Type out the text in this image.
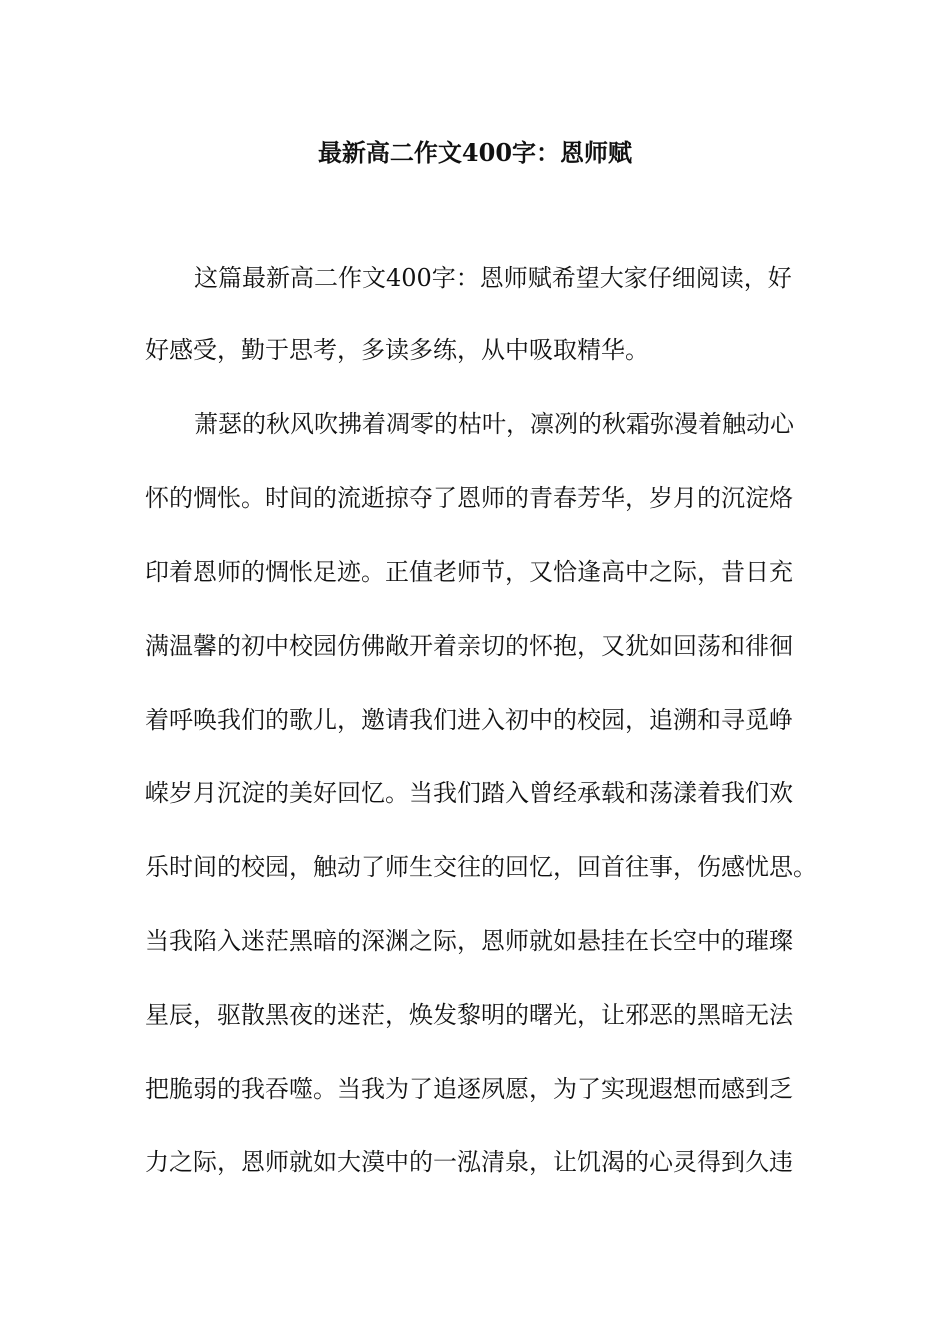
最新高二作文400字：恩师赋

这篇最新高二作文400字：恩师赋希望大家仔细阅读，好

好感受，勤于思考，多读多练，从中吸取精华。

萧瑟的秋风吹拂着凋零的枯叶，凛冽的秋霜弥漫着触动心

怀的惆怅。时间的流逝掠夺了恩师的青春芳华，岁月的沉淀烙

印着恩师的惆怅足迹。正值老师节，又恰逢高中之际，昔日充

满温馨的初中校园仿佛敞开着亲切的怀抱，又犹如回荡和徘徊

着呼唤我们的歌儿，邀请我们进入初中的校园，追溯和寻觅峥

嵘岁月沉淀的美好回忆。当我们踏入曾经承载和荡漾着我们欢

乐时间的校园，触动了师生交往的回忆，回首往事，伤感忧思。

当我陷入迷茫黑暗的深渊之际，恩师就如悬挂在长空中的璀璨

星辰，驱散黑夜的迷茫，焕发黎明的曙光，让邪恶的黑暗无法

把脆弱的我吞噬。当我为了追逐夙愿，为了实现遐想而感到乏

力之际，恩师就如大漠中的一泓清泉，让饥渴的心灵得到久违
